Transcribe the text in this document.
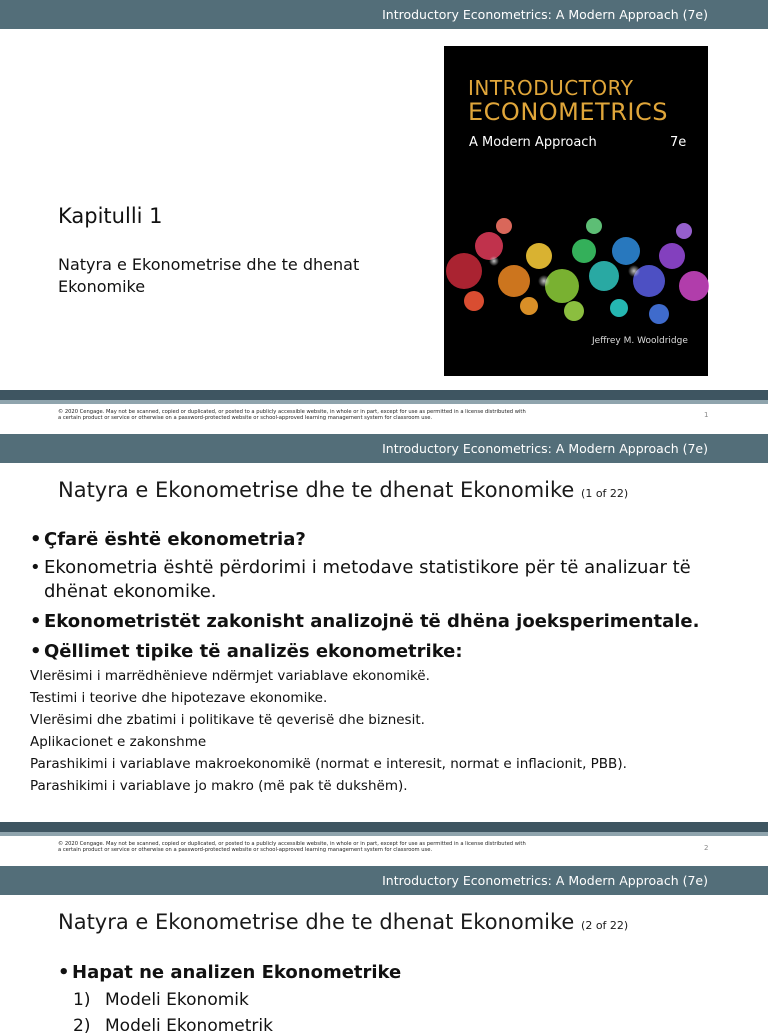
Introductory Econometrics: A Modern Approach (7e)
Kapitulli 1
Natyra e Ekonometrise dhe te dhenat
Ekonomike
INTRODUCTORY
ECONOMETRICS
A Modern Approach	7e
Jeffrey M. Wooldridge
© 2020 Cengage. May not be scanned, copied or duplicated, or posted to a publicly accessible website, in whole or in part, except for use as permitted in a license distributed with
a certain product or service or otherwise on a password-protected website or school-approved learning management system for classroom use.	1
Introductory Econometrics: A Modern Approach (7e)
Natyra e Ekonometrise dhe te dhenat Ekonomike (1 of 22)
• Çfarë është ekonometria?
• Ekonometria është përdorimi i metodave statistikore për të analizuar të dhënat ekonomike.
• Ekonometristët zakonisht analizojnë të dhëna joeksperimentale.
• Qëllimet tipike të analizës ekonometrike:
Vlerësimi i marrëdhënieve ndërmjet variablave ekonomikë.
Testimi i teorive dhe hipotezave ekonomike.
Vlerësimi dhe zbatimi i politikave të qeverisë dhe biznesit.
Aplikacionet e zakonshme
Parashikimi i variablave makroekonomikë (normat e interesit, normat e inflacionit, PBB).
Parashikimi i variablave jo makro (më pak të dukshëm).
© 2020 Cengage. May not be scanned, copied or duplicated, or posted to a publicly accessible website, in whole or in part, except for use as permitted in a license distributed with
a certain product or service or otherwise on a password-protected website or school-approved learning management system for classroom use.	2
Introductory Econometrics: A Modern Approach (7e)
Natyra e Ekonometrise dhe te dhenat Ekonomike (2 of 22)
• Hapat ne analizen Ekonometrike
1) Modeli Ekonomik
2) Modeli Ekonometrik
